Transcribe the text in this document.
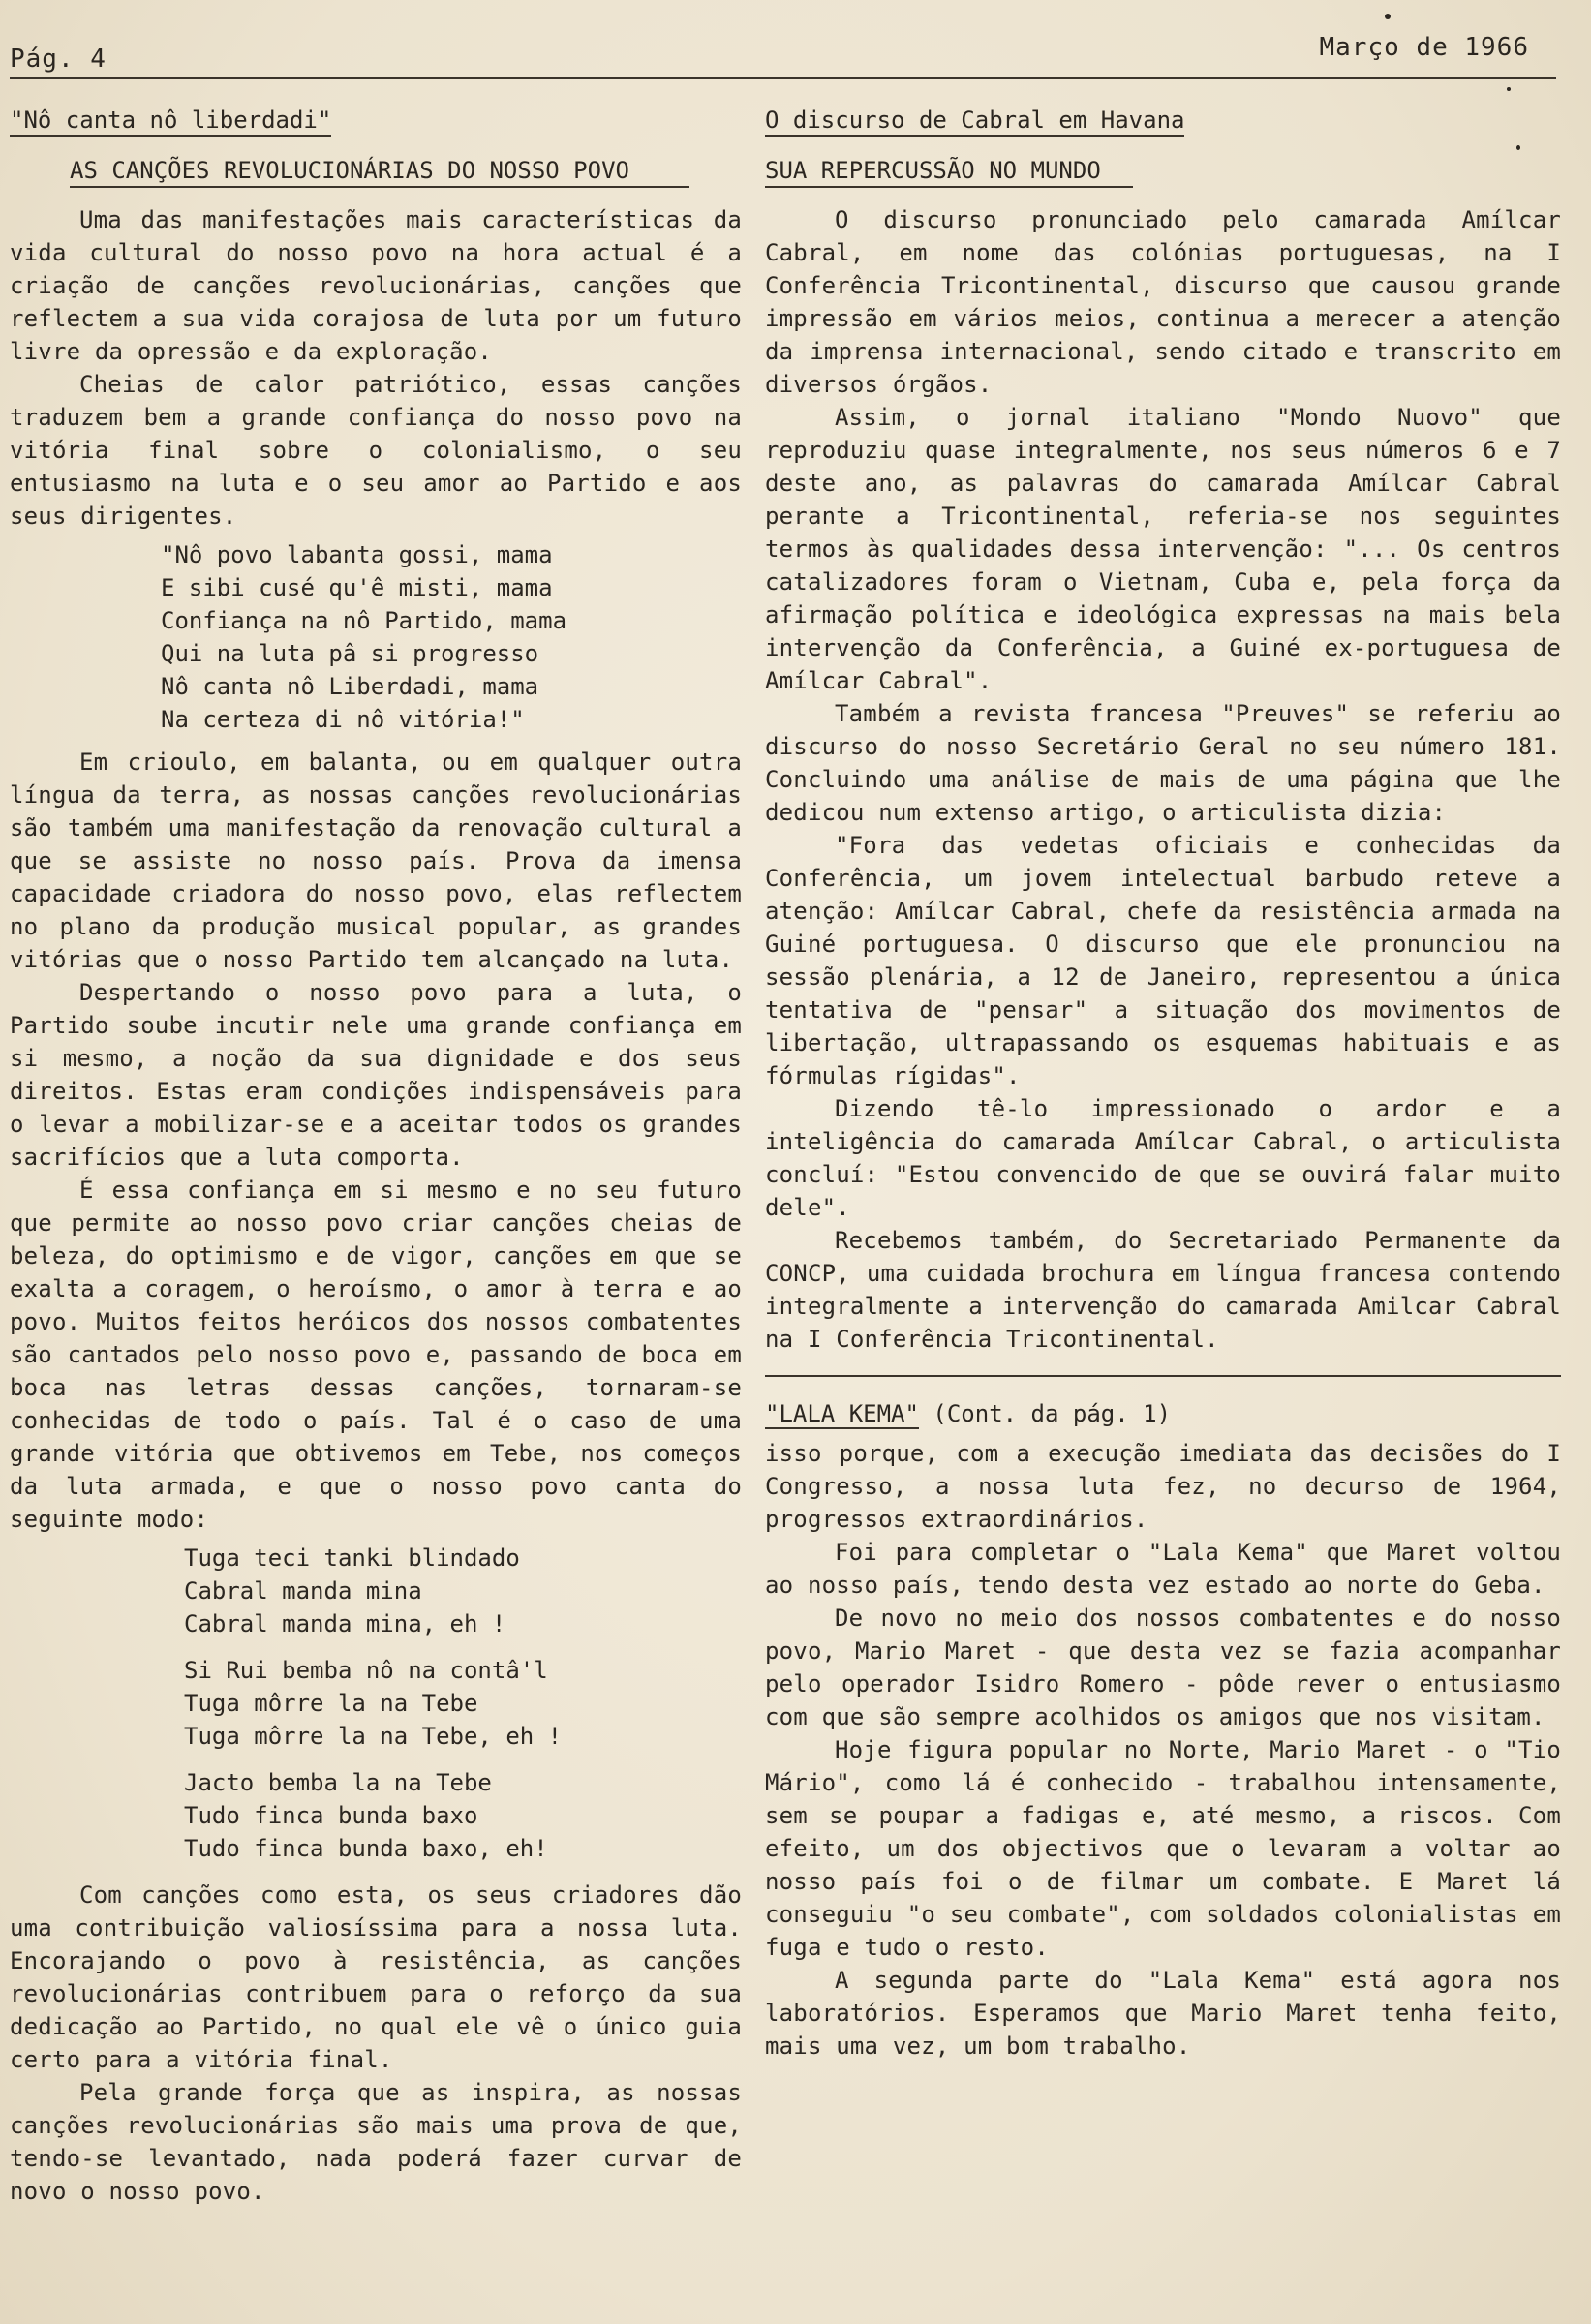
Pág. 4	Março de 1966
"Nô canta nô liberdadi"
AS CANÇÕES REVOLUCIONÁRIAS DO NOSSO POVO

Uma das manifestações mais características da vida cultural do nosso povo na hora actual é a criação de canções revolucionárias, canções que reflectem a sua vida corajosa de luta por um futuro livre da opressão e da exploração.

Cheias de calor patriótico, essas canções traduzem bem a grande confiança do nosso povo na vitória final sobre o colonialismo, o seu entusiasmo na luta e o seu amor ao Partido e aos seus dirigentes.

"Nô povo labanta gossi, mama
E sibi cusé qu'ê misti, mama
Confiança na nô Partido, mama
Qui na luta pâ si progresso
Nô canta nô Liberdadi, mama
Na certeza di nô vitória!"

Em crioulo, em balanta, ou em qualquer outra língua da terra, as nossas canções revolucionárias são também uma manifestação da renovação cultural a que se assiste no nosso país. Prova da imensa capacidade criadora do nosso povo, elas reflectem no plano da produção musical popular, as grandes vitórias que o nosso Partido tem alcançado na luta.

Despertando o nosso povo para a luta, o Partido soube incutir nele uma grande confiança em si mesmo, a noção da sua dignidade e dos seus direitos. Estas eram condições indispensáveis para o levar a mobilizar-se e a aceitar todos os grandes sacrifícios que a luta comporta.

É essa confiança em si mesmo e no seu futuro que permite ao nosso povo criar canções cheias de beleza, do optimismo e de vigor, canções em que se exalta a coragem, o heroísmo, o amor à terra e ao povo. Muitos feitos heróicos dos nossos combatentes são cantados pelo nosso povo e, passando de boca em boca nas letras dessas canções, tornaram-se conhecidas de todo o país. Tal é o caso de uma grande vitória que obtivemos em Tebe, nos começos da luta armada, e que o nosso povo canta do seguinte modo:

Tuga teci tanki blindado
Cabral manda mina
Cabral manda mina, eh !
Si Rui bemba nô na contâ'l
Tuga môrre la na Tebe
Tuga môrre la na Tebe, eh !
Jacto bemba la na Tebe
Tudo finca bunda baxo
Tudo finca bunda baxo, eh!

Com canções como esta, os seus criadores dão uma contribuição valiosíssima para a nossa luta. Encorajando o povo à resistência, as canções revolucionárias contribuem para o reforço da sua dedicação ao Partido, no qual ele vê o único guia certo para a vitória final.

Pela grande força que as inspira, as nossas canções revolucionárias são mais uma prova de que, tendo-se levantado, nada poderá fazer curvar de novo o nosso povo.

O discurso de Cabral em Havana
SUA REPERCUSSÃO NO MUNDO

O discurso pronunciado pelo camarada Amílcar Cabral, em nome das colónias portuguesas, na I Conferência Tricontinental, discurso que causou grande impressão em vários meios, continua a merecer a atenção da imprensa internacional, sendo citado e transcrito em diversos órgãos.

Assim, o jornal italiano "Mondo Nuovo" que reproduziu quase integralmente, nos seus números 6 e 7 deste ano, as palavras do camarada Amílcar Cabral perante a Tricontinental, referia-se nos seguintes termos às qualidades dessa intervenção: "... Os centros catalizadores foram o Vietnam, Cuba e, pela força da afirmação política e ideológica expressas na mais bela intervenção da Conferência, a Guiné ex-portuguesa de Amílcar Cabral".

Também a revista francesa "Preuves" se referiu ao discurso do nosso Secretário Geral no seu número 181. Concluindo uma análise de mais de uma página que lhe dedicou num extenso artigo, o articulista dizia:

"Fora das vedetas oficiais e conhecidas da Conferência, um jovem intelectual barbudo reteve a atenção: Amílcar Cabral, chefe da resistência armada na Guiné portuguesa. O discurso que ele pronunciou na sessão plenária, a 12 de Janeiro, representou a única tentativa de "pensar" a situação dos movimentos de libertação, ultrapassando os esquemas habituais e as fórmulas rígidas".

Dizendo tê-lo impressionado o ardor e a inteligência do camarada Amílcar Cabral, o articulista concluí: "Estou convencido de que se ouvirá falar muito dele".

Recebemos também, do Secretariado Permanente da CONCP, uma cuidada brochura em língua francesa contendo integralmente a intervenção do camarada Amilcar Cabral na I Conferência Tricontinental.

"LALA KEMA" (Cont. da pág. 1)

isso porque, com a execução imediata das decisões do I Congresso, a nossa luta fez, no decurso de 1964, progressos extraordinários.

Foi para completar o "Lala Kema" que Maret voltou ao nosso país, tendo desta vez estado ao norte do Geba.

De novo no meio dos nossos combatentes e do nosso povo, Mario Maret - que desta vez se fazia acompanhar pelo operador Isidro Romero - pôde rever o entusiasmo com que são sempre acolhidos os amigos que nos visitam.

Hoje figura popular no Norte, Mario Maret - o "Tio Mário", como lá é conhecido - trabalhou intensamente, sem se poupar a fadigas e, até mesmo, a riscos. Com efeito, um dos objectivos que o levaram a voltar ao nosso país foi o de filmar um combate. E Maret lá conseguiu "o seu combate", com soldados colonialistas em fuga e tudo o resto.

A segunda parte do "Lala Kema" está agora nos laboratórios. Esperamos que Mario Maret tenha feito, mais uma vez, um bom trabalho.
